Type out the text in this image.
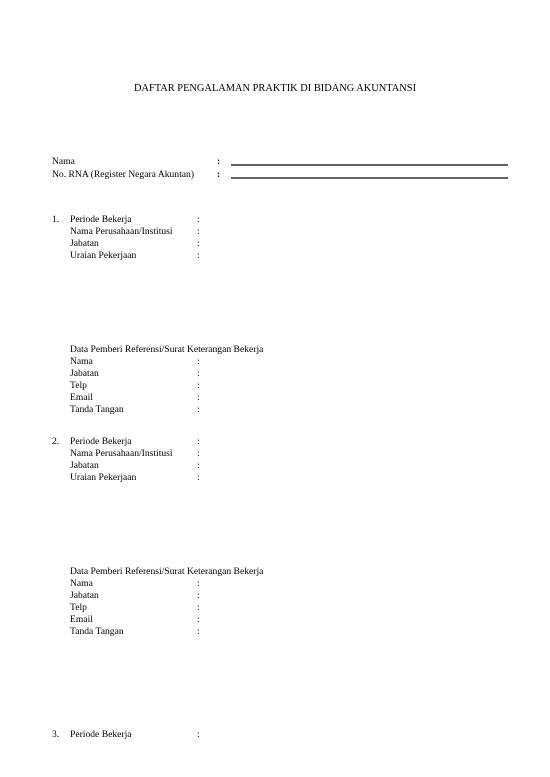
DAFTAR PENGALAMAN PRAKTIK DI BIDANG AKUNTANSI
Nama	:
No. RNA (Register Negara Akuntan) :
1. Periode Bekerja	:
Nama Perusahaan/Institusi	:
Jabatan	:
Uraian Pekerjaan	:
Data Pemberi Referensi/Surat Keterangan Bekerja
Nama	:
Jabatan	:
Telp	:
Email	:
Tanda Tangan	:
2. Periode Bekerja	:
Nama Perusahaan/Institusi	:
Jabatan	:
Uraian Pekerjaan	:
Data Pemberi Referensi/Surat Keterangan Bekerja
Nama	:
Jabatan	:
Telp	:
Email	:
Tanda Tangan	:
3. Periode Bekerja	:
